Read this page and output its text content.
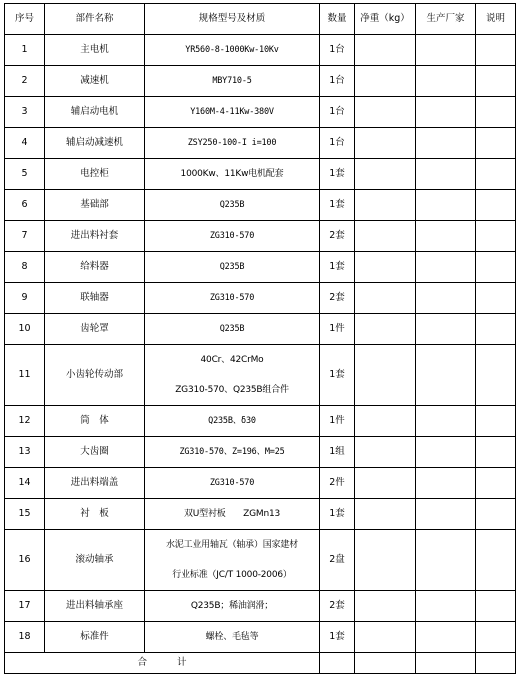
序号	部件名称	规格型号及材质	数量	净重（kg）	生产厂家	说明
1	主电机	YR560-8-1000Kw-10Kv	1台			
2	减速机	MBY710-5	1台			
3	辅启动电机	Y160M-4-11Kw-380V	1台			
4	辅启动减速机	ZSY250-100-I i=100	1台			
5	电控柜	1000Kw、11Kw电机配套	1套			
6	基础部	Q235B	1套			
7	进出料衬套	ZG310-570	2套			
8	给料器	Q235B	1套			
9	联轴器	ZG310-570	2套			
10	齿轮罩	Q235B	1件			
11	小齿轮传动部	40Cr、42CrMo
ZG310-570、Q235B组合件	1套			
12	筒　体	Q235B、δ30	1件			
13	大齿圈	ZG310-570、Z=196、M=25	1组			
14	进出料端盖	ZG310-570	2件			
15	衬　板	双U型衬板　　ZGMn13	1套			
16	滚动轴承	水泥工业用轴瓦（轴承）国家建材
行业标准（JC/T 1000-2006）	2盘			
17	进出料轴承座	Q235B；稀油润滑；	2套			
18	标准件	螺栓、毛毡等	1套			
合计						
